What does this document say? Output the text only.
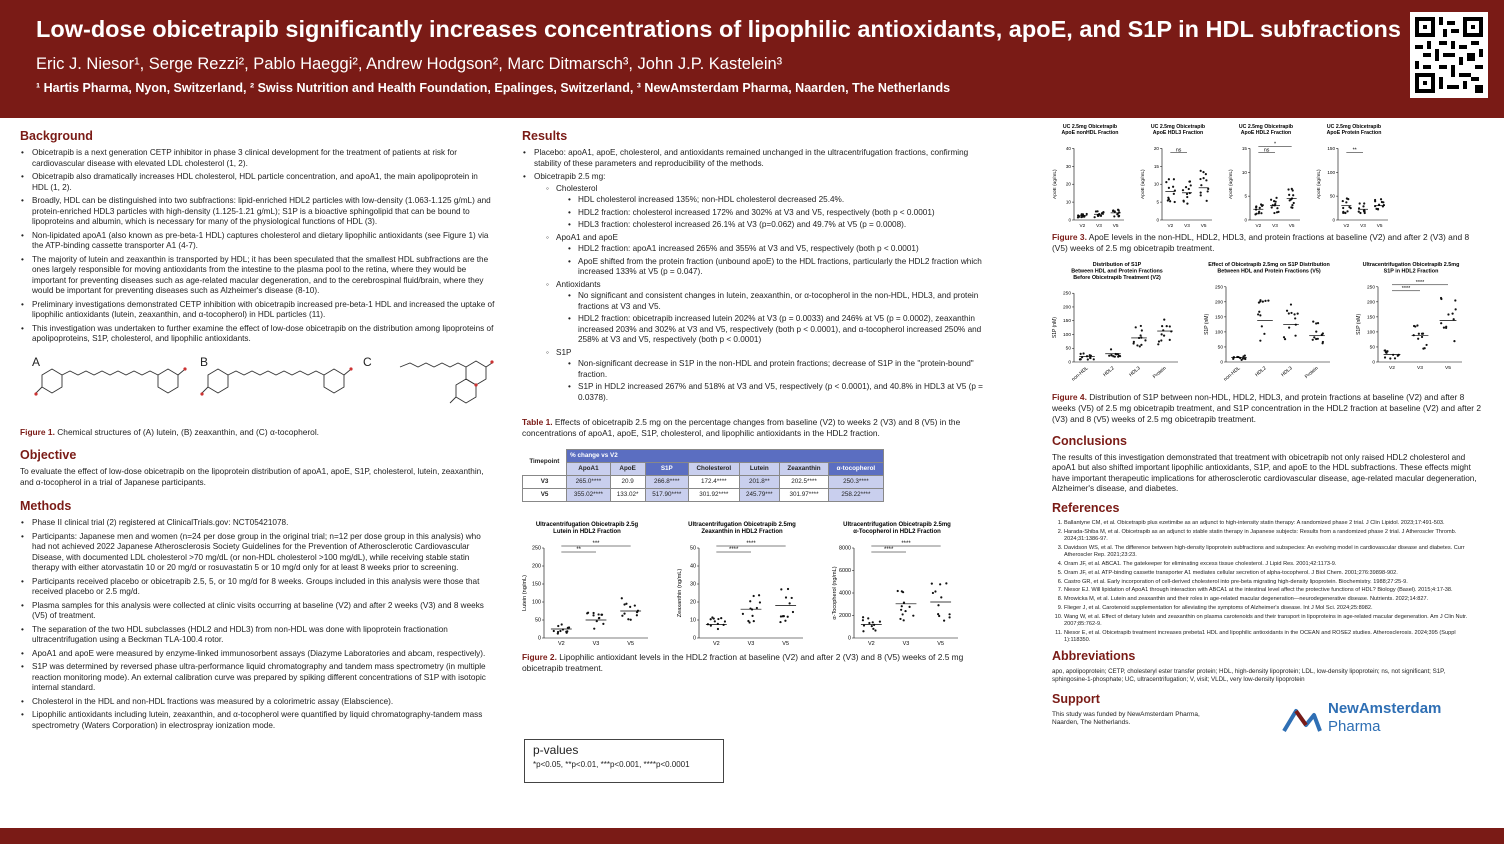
Low-dose obicetrapib significantly increases concentrations of lipophilic antioxidants, apoE, and S1P in HDL subfractions
Eric J. Niesor¹, Serge Rezzi², Pablo Haeggi², Andrew Hodgson², Marc Ditmarsch³, John J.P. Kastelein³
¹ Hartis Pharma, Nyon, Switzerland, ² Swiss Nutrition and Health Foundation, Epalinges, Switzerland, ³ NewAmsterdam Pharma, Naarden, The Netherlands
Background
• Obicetrapib is a next generation CETP inhibitor in phase 3 clinical development for the treatment of patients at risk for cardiovascular disease with elevated LDL cholesterol (1, 2).
• Obicetrapib also dramatically increases HDL cholesterol, HDL particle concentration, and apoA1, the main apolipoprotein in HDL (1, 2).
• Broadly, HDL can be distinguished into two subfractions: lipid-enriched HDL2 particles with low-density (1.063-1.125 g/mL) and protein-enriched HDL3 particles with high-density (1.125-1.21 g/mL); S1P is a bioactive sphingolipid that can be bound to lipoproteins and albumin, which is necessary for many of the physiological functions of HDL (3).
• Non-lipidated apoA1 (also known as pre-beta-1 HDL) captures cholesterol and dietary lipophilic antioxidants (see Figure 1) via the ATP-binding cassette transporter A1 (4-7).
• The majority of lutein and zeaxanthin is transported by HDL; it has been speculated that the smallest HDL subfractions are the ones largely responsible for moving antioxidants from the intestine to the plasma pool to the retina, where they would be important for preventing diseases such as age-related macular degeneration, and to the cerebrospinal fluid/brain, where they would be important for preventing diseases such as Alzheimer's disease (8-10).
• Preliminary investigations demonstrated CETP inhibition with obicetrapib increased pre-beta-1 HDL and increased the uptake of lipophilic antioxidants (lutein, zeaxanthin, and α-tocopherol) in HDL particles (11).
• This investigation was undertaken to further examine the effect of low-dose obicetrapib on the distribution among lipoproteins of apolipoproteins, S1P, cholesterol, and lipophilic antioxidants.
A	B	C
Figure 1. Chemical structures of (A) lutein, (B) zeaxanthin, and (C) α-tocopherol.
Objective

To evaluate the effect of low-dose obicetrapib on the lipoprotein distribution of apoA1, apoE, S1P, cholesterol, lutein, zeaxanthin, and α-tocopherol in a trial of Japanese participants.

Methods
• Phase II clinical trial (2) registered at ClinicalTrials.gov: NCT05421078.
• Participants: Japanese men and women (n=24 per dose group in the original trial; n=12 per dose group in this analysis) who had not achieved 2022 Japanese Atherosclerosis Society Guidelines for the Prevention of Atherosclerotic Cardiovascular Disease, with documented LDL cholesterol >70 mg/dL (or non-HDL cholesterol >100 mg/dL), while receiving stable statin therapy with either atorvastatin 10 or 20 mg/d or rosuvastatin 5 or 10 mg/d only for at least 8 weeks prior to screening.
• Participants received placebo or obicetrapib 2.5, 5, or 10 mg/d for 8 weeks. Groups included in this analysis were those that received placebo or 2.5 mg/d.
• Plasma samples for this analysis were collected at clinic visits occurring at baseline (V2) and after 2 weeks (V3) and 8 weeks (V5) of treatment.
• The separation of the two HDL subclasses (HDL2 and HDL3) from non-HDL was done with lipoprotein fractionation ultracentrifugation using a Beckman TLA-100.4 rotor.
• ApoA1 and apoE were measured by enzyme-linked immunosorbent assays (Diazyme Laboratories and abcam, respectively).
• S1P was determined by reversed phase ultra-performance liquid chromatography and tandem mass spectrometry (in multiple reaction monitoring mode). An external calibration curve was prepared by spiking different concentrations of S1P with isotopic internal standard.
• Cholesterol in the HDL and non-HDL fractions was measured by a colorimetric assay (Elabscience).
• Lipophilic antioxidants including lutein, zeaxanthin, and α-tocopherol were quantified by liquid chromatography-tandem mass spectrometry (Waters Corporation) in electrospray ionization mode.
Results
• Placebo: apoA1, apoE, cholesterol, and antioxidants remained unchanged in the ultracentrifugation fractions, confirming stability of these parameters and reproducibility of the methods.
• Obicetrapib 2.5 mg:
◦ Cholesterol
• HDL cholesterol increased 135%; non-HDL cholesterol decreased 25.4%.
• HDL2 fraction: cholesterol increased 172% and 302% at V3 and V5, respectively (both p < 0.0001)
• HDL3 fraction: cholesterol increased 26.1% at V3 (p=0.062) and 49.7% at V5 (p = 0.0008).
◦ ApoA1 and apoE
• HDL2 fraction: apoA1 increased 265% and 355% at V3 and V5, respectively (both p < 0.0001)
• ApoE shifted from the protein fraction (unbound apoE) to the HDL fractions, particularly the HDL2 fraction which increased 133% at V5 (p = 0.047).
◦ Antioxidants
• No significant and consistent changes in lutein, zeaxanthin, or α-tocopherol in the non-HDL, HDL3, and protein fractions at V3 and V5.
• HDL2 fraction: obicetrapib increased lutein 202% at V3 (p = 0.0033) and 246% at V5 (p = 0.0002), zeaxanthin increased 203% and 302% at V3 and V5, respectively (both p < 0.0001), and α-tocopherol increased 250% and 258% at V3 and V5, respectively (both p < 0.0001)
◦ S1P
• Non-significant decrease in S1P in the non-HDL and protein fractions; decrease of S1P in the "protein-bound" fraction.
• S1P in HDL2 increased 267% and 518% at V3 and V5, respectively (p < 0.0001), and 40.8% in HDL3 at V5 (p = 0.0378).
Table 1. Effects of obicetrapib 2.5 mg on the percentage changes from baseline (V2) to weeks 2 (V3) and 8 (V5) in the concentrations of apoA1, apoE, S1P, cholesterol, and lipophilic antioxidants in the HDL2 fraction.
Timepoint	% change vs V2						
	ApoA1	ApoE	S1P	Cholesterol	Lutein	Zeaxanthin	α-tocopherol
V3	265.0****	20.9	266.8****	172.4****	201.8**	202.5****	250.3****
V5	355.02****	133.02*	517.90****	301.92****	245.79***	301.97****	258.22****
Ultracentrifugation Obicetrapib 2.5g
Lutein in HDL2 Fraction
0
50
100
150
200
250
Lutein (ng/mL)
V2	V3	V5
**
***
Ultracentrifugation Obicetrapib 2.5mg
Zeaxanthin in HDL2 Fraction
0
10
20
30
40
50
Zeaxanthin (ng/mL)
V2	V3	V5
****
****
Ultracentrifugation Obicetrapib 2.5mg
α-Tocopherol in HDL2 Fraction
0
2000
4000
6000
8000
α-Tocopherol (ng/mL)
V2	V3	V5
****
****
Figure 2. Lipophilic antioxidant levels in the HDL2 fraction at baseline (V2) and after 2 (V3) and 8 (V5) weeks of 2.5 mg obicetrapib treatment.
p-values
*p<0.05, **p<0.01, ***p<0.001, ****p<0.0001
UC 2.5mg Obicetrapib
ApoE nonHDL Fraction
0
10
20
30
40
ApoE (ug/mL)
V2 V3 V5
UC 2.5mg Obicetrapib
ApoE HDL3 Fraction
0
5
10
15
20
ApoE (ug/mL)
V2 V3 V5
ns
UC 2.5mg Obicetrapib
ApoE HDL2 Fraction
0
5
10
15
ApoE (ug/mL)
V2 V3 V5
ns
*
UC 2.5mg Obicetrapib
ApoE Protein Fraction
0
50
100
150
ApoE (ug/mL)
V2 V3 V5
**
Figure 3. ApoE levels in the non-HDL, HDL2, HDL3, and protein fractions at baseline (V2) and after 2 (V3) and 8 (V5) weeks of 2.5 mg obicetrapib treatment.
Distribution of S1P
Between HDL and Protein Fractions
Before Obicetrapib Treatment (V2)
0
50
100
150
200
250
S1P (nM)
non-HDL	HDL2	HDL3 Protein
Effect of Obicetrapib 2.5mg on S1P Distribution
Between HDL and Protein Fractions (V5)
0
50
100
150
200
250
S1P (nM)
non-HDL	HDL2	HDL3 Protein
Ultracentrifugation Obicetrapib 2.5mg
S1P in HDL2 Fraction
0
50
100
150
200
250
S1P (nM)
V2	V3	V5
****
****
Figure 4. Distribution of S1P between non-HDL, HDL2, HDL3, and protein fractions at baseline (V2) and after 8 weeks (V5) of 2.5 mg obicetrapib treatment, and S1P concentration in the HDL2 fraction at baseline (V2) and after 2 (V3) and 8 (V5) weeks of 2.5 mg obicetrapib treatment.
Conclusions

The results of this investigation demonstrated that treatment with obicetrapib not only raised HDL2 cholesterol and apoA1 but also shifted important lipophilic antioxidants, S1P, and apoE to the HDL subfractions. These effects might have important therapeutic implications for atherosclerotic cardiovascular disease, age-related macular degeneration, Alzheimer's disease, and diabetes.

References
1. Ballantyne CM, et al. Obicetrapib plus ezetimibe as an adjunct to high-intensity statin therapy: A randomized phase 2 trial. J Clin Lipidol. 2023;17:491-503.
2. Harada-Shiba M, et al. Obicetrapib as an adjunct to stable statin therapy in Japanese subjects: Results from a randomized phase 2 trial. J Atheroscler Thromb. 2024;31:1386-97.
3. Davidson WS, et al. The difference between high-density lipoprotein subfractions and subspecies: An evolving model in cardiovascular disease and diabetes. Curr Atheroscler Rep. 2021;23:23.
4. Oram JF, et al. ABCA1. The gatekeeper for eliminating excess tissue cholesterol. J Lipid Res. 2001;42:1173-9.
5. Oram JF, et al. ATP-binding cassette transporter A1 mediates cellular secretion of alpha-tocopherol. J Biol Chem. 2001;276:39898-902.
6. Castro GR, et al. Early incorporation of cell-derived cholesterol into pre-beta migrating high-density lipoprotein. Biochemistry. 1988;27:25-9.
7. Niesor EJ. Will lipidation of ApoA1 through interaction with ABCA1 at the intestinal level affect the protective functions of HDL? Biology (Basel). 2015;4:17-38.
8. Mrowicka M, et al. Lutein and zeaxanthin and their roles in age-related macular degeneration—neurodegenerative disease. Nutrients. 2022;14:827.
9. Flieger J, et al. Carotenoid supplementation for alleviating the symptoms of Alzheimer's disease. Int J Mol Sci. 2024;25:8982.
10. Wang W, et al. Effect of dietary lutein and zeaxanthin on plasma carotenoids and their transport in lipoproteins in age-related macular degeneration. Am J Clin Nutr. 2007;85:762-9.
11. Niesor E, et al. Obicetrapib treatment increases prebeta1 HDL and lipophilic antioxidants in the OCEAN and ROSE2 studies. Atherosclerosis. 2024;395 (Suppl 1):118350.
Abbreviations

apo, apolipoprotein; CETP, cholesteryl ester transfer protein; HDL, high-density lipoprotein; LDL, low-density lipoprotein; ns, not significant; S1P, sphingosine-1-phosphate; UC, ultracentrifugation; V, visit; VLDL, very low-density lipoprotein

Support

This study was funded by NewAmsterdam Pharma, Naarden, The Netherlands.

NewAmsterdam
Pharma
